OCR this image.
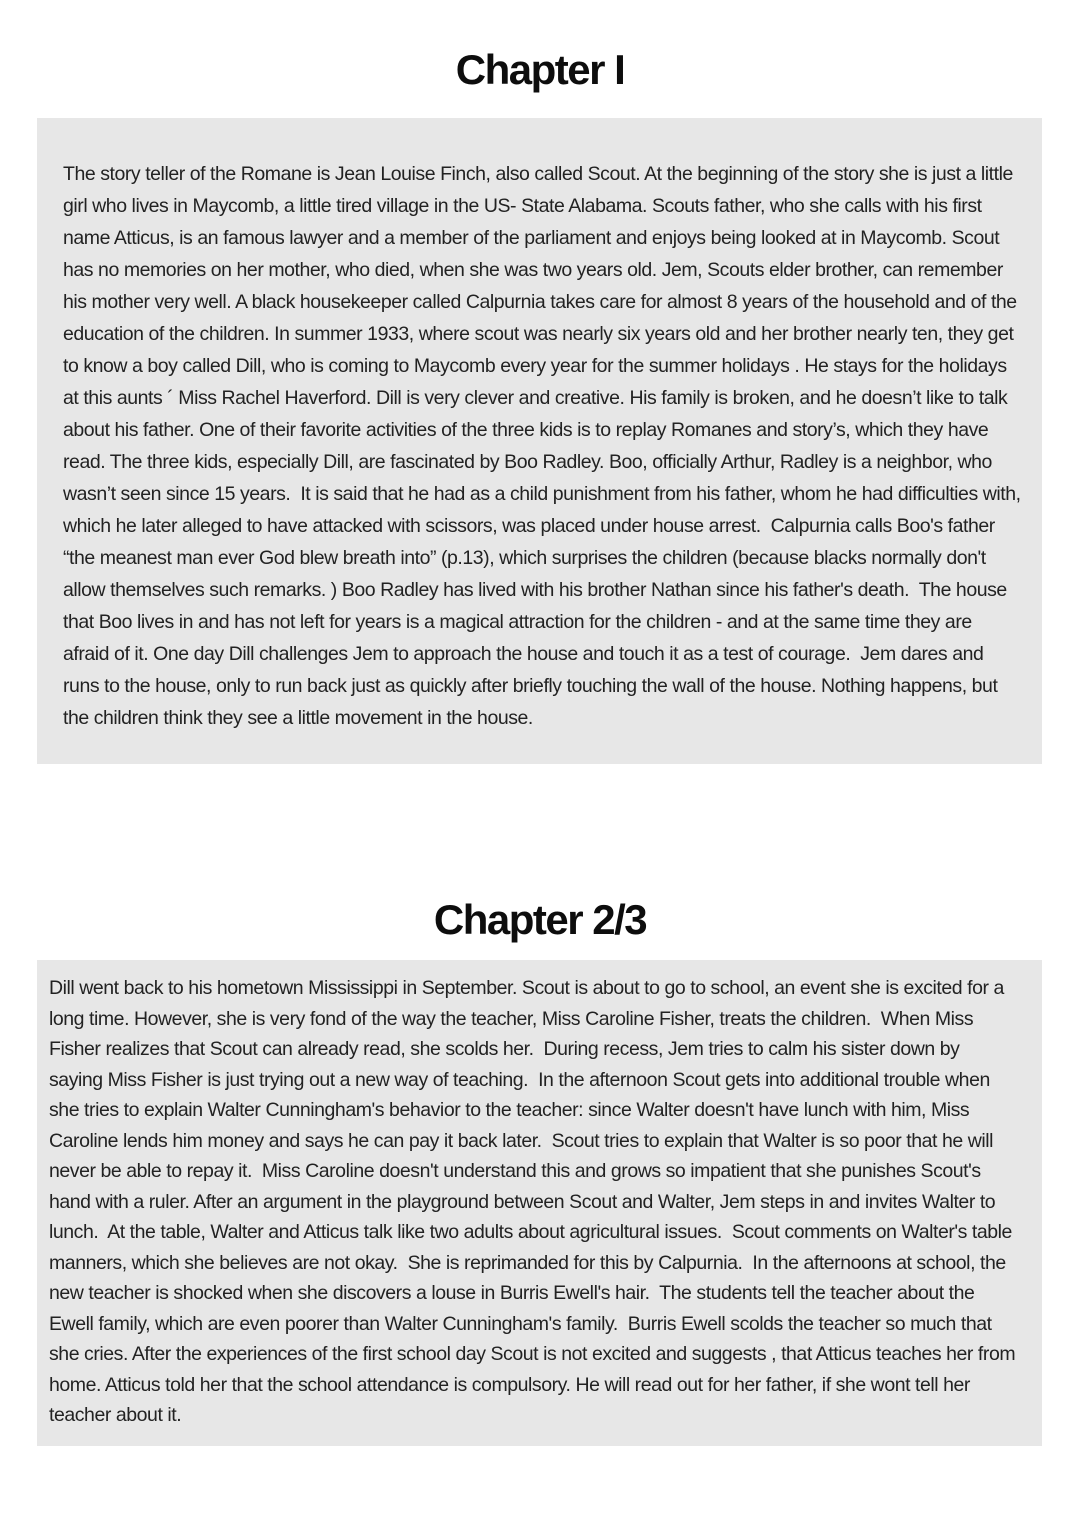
Chapter I

The story teller of the Romane is Jean Louise Finch, also called Scout. At the beginning of the story she is just a little girl who lives in Maycomb, a little tired village in the US- State Alabama. Scouts father, who she calls with his first name Atticus, is an famous lawyer and a member of the parliament and enjoys being looked at in Maycomb. Scout has no memories on her mother, who died, when she was two years old. Jem, Scouts elder brother, can remember his mother very well. A black housekeeper called Calpurnia takes care for almost 8 years of the household and of the education of the children. In summer 1933, where scout was nearly six years old and her brother nearly ten, they get to know a boy called Dill, who is coming to Maycomb every year for the summer holidays . He stays for the holidays at this aunts ´ Miss Rachel Haverford. Dill is very clever and creative. His family is broken, and he doesn’t like to talk about his father. One of their favorite activities of the three kids is to replay Romanes and story’s, which they have read. The three kids, especially Dill, are fascinated by Boo Radley. Boo, officially Arthur, Radley is a neighbor, who wasn’t seen since 15 years.  It is said that he had as a child punishment from his father, whom he had difficulties with, which he later alleged to have attacked with scissors, was placed under house arrest.  Calpurnia calls Boo's father “the meanest man ever God blew breath into” (p.13), which surprises the children (because blacks normally don't allow themselves such remarks. ) Boo Radley has lived with his brother Nathan since his father's death.  The house that Boo lives in and has not left for years is a magical attraction for the children - and at the same time they are afraid of it. One day Dill challenges Jem to approach the house and touch it as a test of courage.  Jem dares and runs to the house, only to run back just as quickly after briefly touching the wall of the house. Nothing happens, but the children think they see a little movement in the house.

Chapter 2/3

Dill went back to his hometown Mississippi in September. Scout is about to go to school, an event she is excited for a long time. However, she is very fond of the way the teacher, Miss Caroline Fisher, treats the children.  When Miss Fisher realizes that Scout can already read, she scolds her.  During recess, Jem tries to calm his sister down by saying Miss Fisher is just trying out a new way of teaching.  In the afternoon Scout gets into additional trouble when she tries to explain Walter Cunningham's behavior to the teacher: since Walter doesn't have lunch with him, Miss Caroline lends him money and says he can pay it back later.  Scout tries to explain that Walter is so poor that he will never be able to repay it.  Miss Caroline doesn't understand this and grows so impatient that she punishes Scout's hand with a ruler. After an argument in the playground between Scout and Walter, Jem steps in and invites Walter to lunch.  At the table, Walter and Atticus talk like two adults about agricultural issues.  Scout comments on Walter's table manners, which she believes are not okay.  She is reprimanded for this by Calpurnia.  In the afternoons at school, the new teacher is shocked when she discovers a louse in Burris Ewell's hair.  The students tell the teacher about the Ewell family, which are even poorer than Walter Cunningham's family.  Burris Ewell scolds the teacher so much that she cries. After the experiences of the first school day Scout is not excited and suggests , that Atticus teaches her from home. Atticus told her that the school attendance is compulsory. He will read out for her father, if she wont tell her teacher about it.
